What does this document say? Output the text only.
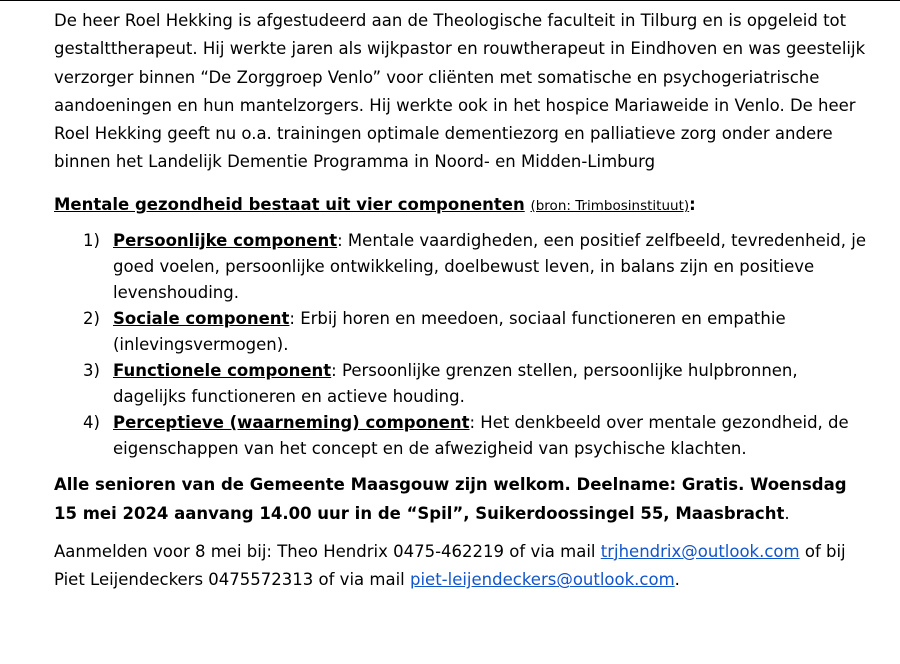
De heer Roel Hekking is afgestudeerd aan de Theologische faculteit in Tilburg en is opgeleid tot gestalttherapeut. Hij werkte jaren als wijkpastor en rouwtherapeut in Eindhoven en was geestelijk verzorger binnen “De Zorggroep Venlo” voor cliënten met somatische en psychogeriatrische aandoeningen en hun mantelzorgers. Hij werkte ook in het hospice Mariaweide in Venlo. De heer Roel Hekking geeft nu o.a. trainingen optimale dementiezorg en palliatieve zorg onder andere binnen het Landelijk Dementie Programma in Noord- en Midden-Limburg

Mentale gezondheid bestaat uit vier componenten (bron: Trimbosinstituut):

1) Persoonlijke component: Mentale vaardigheden, een positief zelfbeeld, tevredenheid, je goed voelen, persoonlijke ontwikkeling, doelbewust leven, in balans zijn en positieve levenshouding.
2) Sociale component: Erbij horen en meedoen, sociaal functioneren en empathie (inlevingsvermogen).
3) Functionele component: Persoonlijke grenzen stellen, persoonlijke hulpbronnen, dagelijks functioneren en actieve houding.
4) Perceptieve (waarneming) component: Het denkbeeld over mentale gezondheid, de eigenschappen van het concept en de afwezigheid van psychische klachten.

Alle senioren van de Gemeente Maasgouw zijn welkom. Deelname: Gratis. Woensdag 15 mei 2024 aanvang 14.00 uur in de “Spil”, Suikerdoossingel 55, Maasbracht.

Aanmelden voor 8 mei bij: Theo Hendrix 0475-462219 of via mail trjhendrix@outlook.com of bij Piet Leijendeckers 0475572313 of via mail piet-leijendeckers@outlook.com.
